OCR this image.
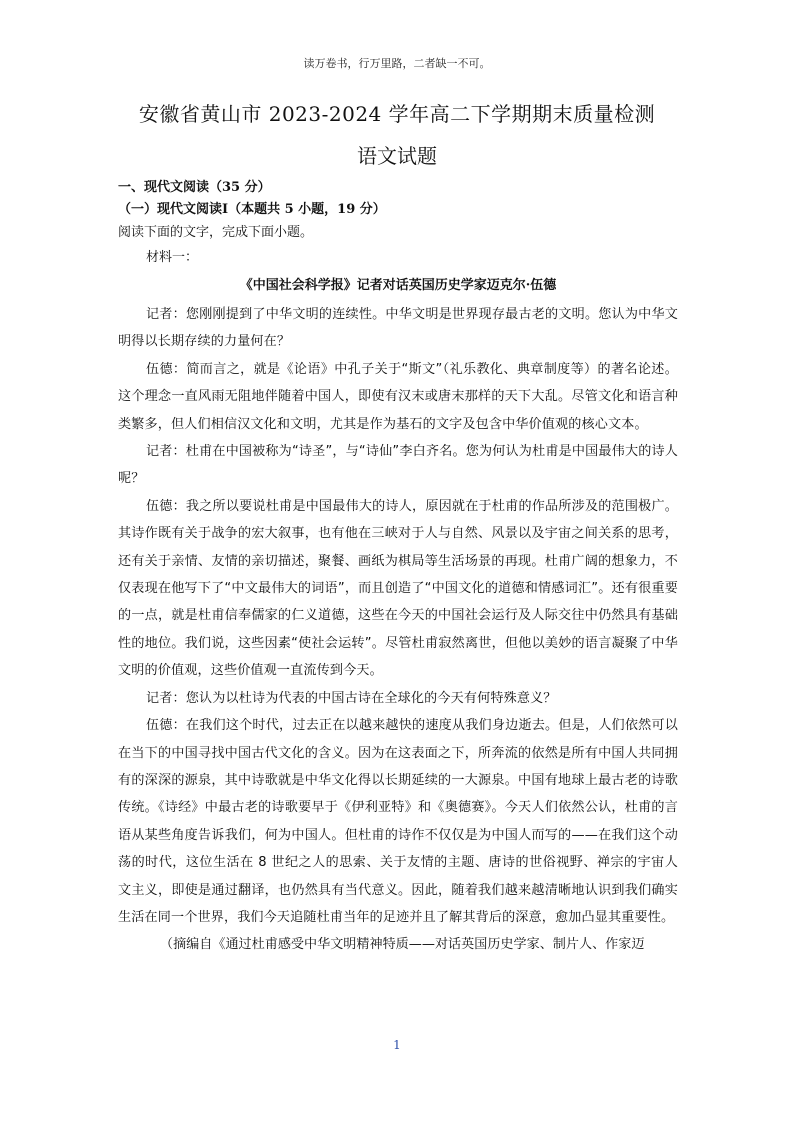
读万卷书，行万里路，二者缺一不可。
安徽省黄山市 2023-2024 学年高二下学期期末质量检测
语文试题

一、现代文阅读（35 分）

（一）现代文阅读Ⅰ（本题共 5 小题，19 分）

阅读下面的文字，完成下面小题。

材料一：

《中国社会科学报》记者对话英国历史学家迈克尔·伍德

记者：您刚刚提到了中华文明的连续性。中华文明是世界现存最古老的文明。您认为中华文明得以长期存续的力量何在？

伍德：简而言之，就是《论语》中孔子关于“斯文”（礼乐教化、典章制度等）的著名论述。这个理念一直风雨无阻地伴随着中国人，即使有汉末或唐末那样的天下大乱。尽管文化和语言种类繁多，但人们相信汉文化和文明，尤其是作为基石的文字及包含中华价值观的核心文本。

记者：杜甫在中国被称为“诗圣”，与“诗仙”李白齐名。您为何认为杜甫是中国最伟大的诗人呢？

伍德：我之所以要说杜甫是中国最伟大的诗人，原因就在于杜甫的作品所涉及的范围极广。其诗作既有关于战争的宏大叙事，也有他在三峡对于人与自然、风景以及宇宙之间关系的思考，还有关于亲情、友情的亲切描述，聚餐、画纸为棋局等生活场景的再现。杜甫广阔的想象力，不仅表现在他写下了“中文最伟大的词语”，而且创造了“中国文化的道德和情感词汇”。还有很重要的一点，就是杜甫信奉儒家的仁义道德，这些在今天的中国社会运行及人际交往中仍然具有基础性的地位。我们说，这些因素“使社会运转”。尽管杜甫寂然离世，但他以美妙的语言凝聚了中华文明的价值观，这些价值观一直流传到今天。

记者：您认为以杜诗为代表的中国古诗在全球化的今天有何特殊意义？

伍德：在我们这个时代，过去正在以越来越快的速度从我们身边逝去。但是，人们依然可以在当下的中国寻找中国古代文化的含义。因为在这表面之下，所奔流的依然是所有中国人共同拥有的深深的源泉，其中诗歌就是中华文化得以长期延续的一大源泉。中国有地球上最古老的诗歌传统。《诗经》中最古老的诗歌要早于《伊利亚特》和《奥德赛》。今天人们依然公认，杜甫的言语从某些角度告诉我们，何为中国人。但杜甫的诗作不仅仅是为中国人而写的——在我们这个动荡的时代，这位生活在 8 世纪之人的思索、关于友情的主题、唐诗的世俗视野、禅宗的宇宙人文主义，即使是通过翻译，也仍然具有当代意义。因此，随着我们越来越清晰地认识到我们确实生活在同一个世界，我们今天追随杜甫当年的足迹并且了解其背后的深意，愈加凸显其重要性。

（摘编自《通过杜甫感受中华文明精神特质——对话英国历史学家、制片人、作家迈

1
